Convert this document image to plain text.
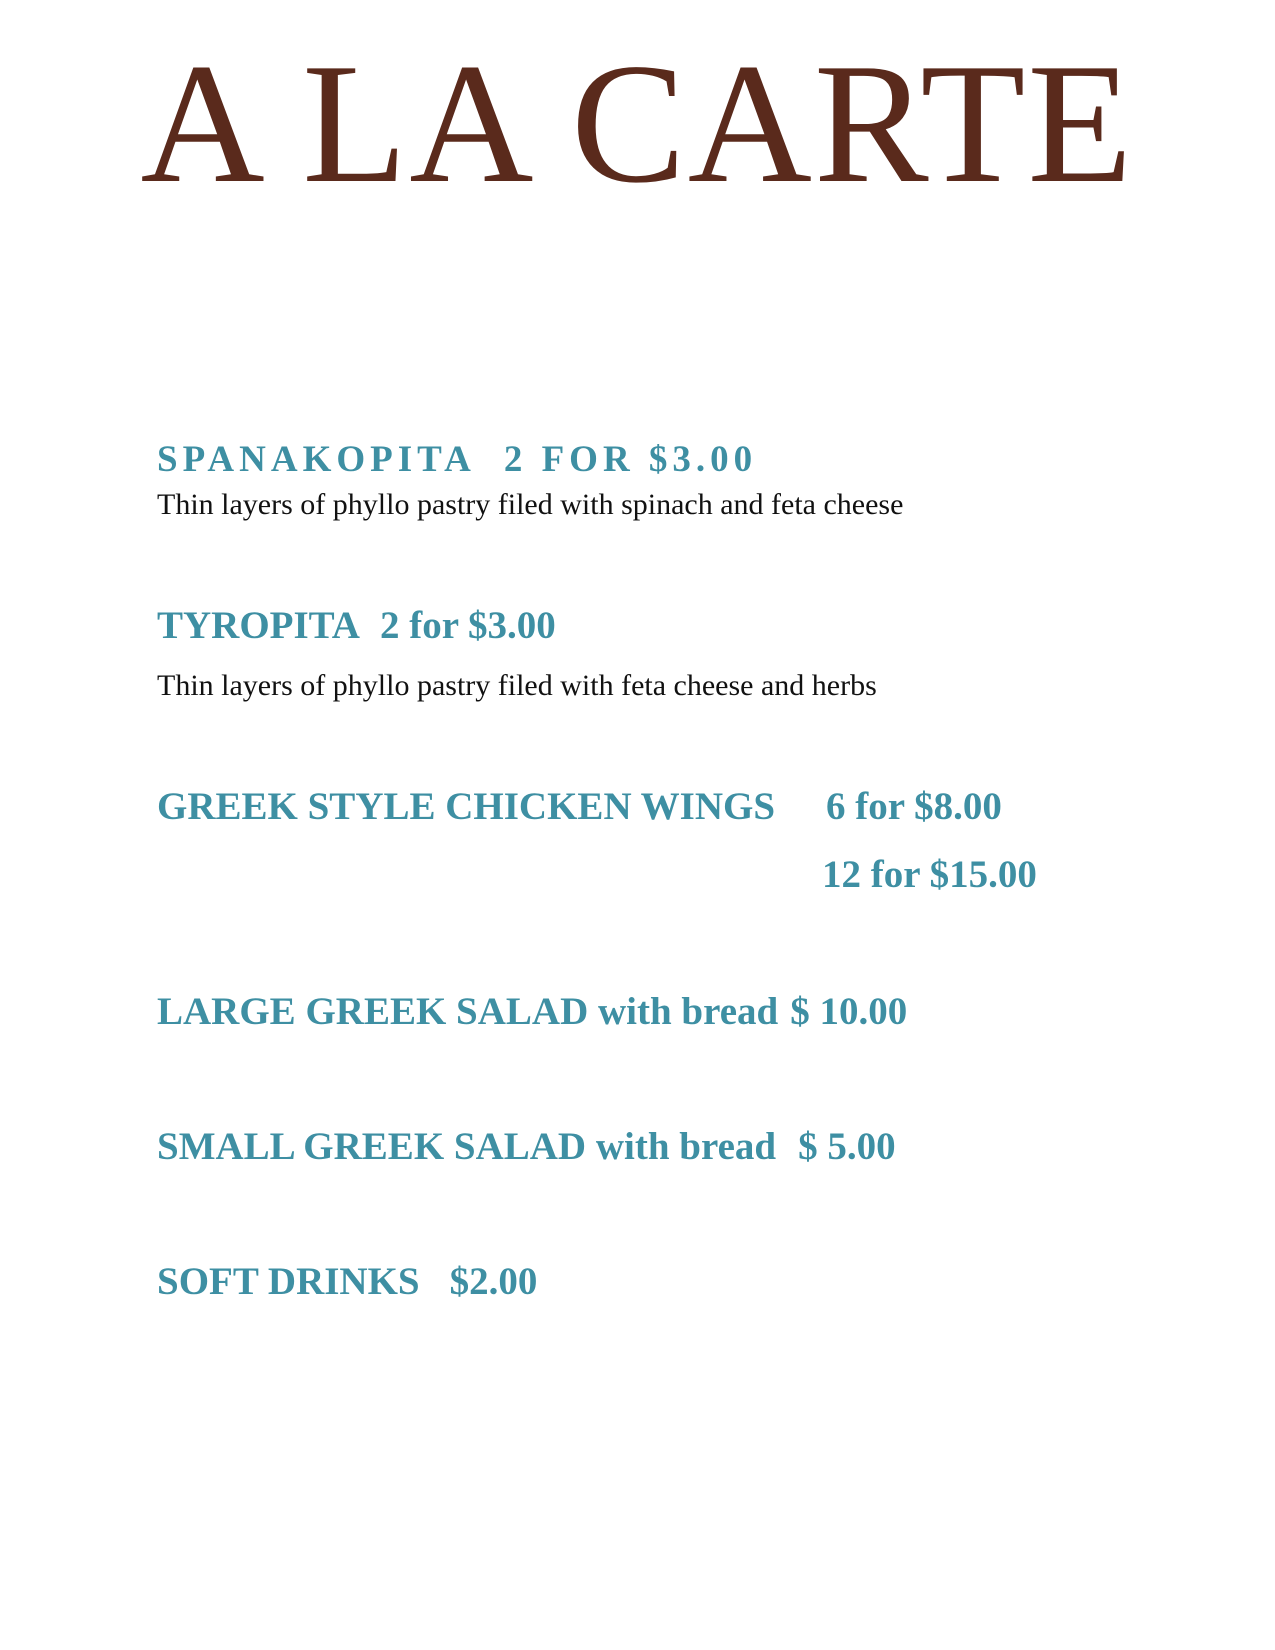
A LA CARTE
SPANAKOPITA 2 FOR $3.00
Thin layers of phyllo pastry filed with spinach and feta cheese
TYROPITA 2 for $3.00
Thin layers of phyllo pastry filed with feta cheese and herbs
GREEK STYLE CHICKEN WINGS 6 for $8.00
12 for $15.00
LARGE GREEK SALAD with bread $ 10.00
SMALL GREEK SALAD with bread $ 5.00
SOFT DRINKS $2.00
